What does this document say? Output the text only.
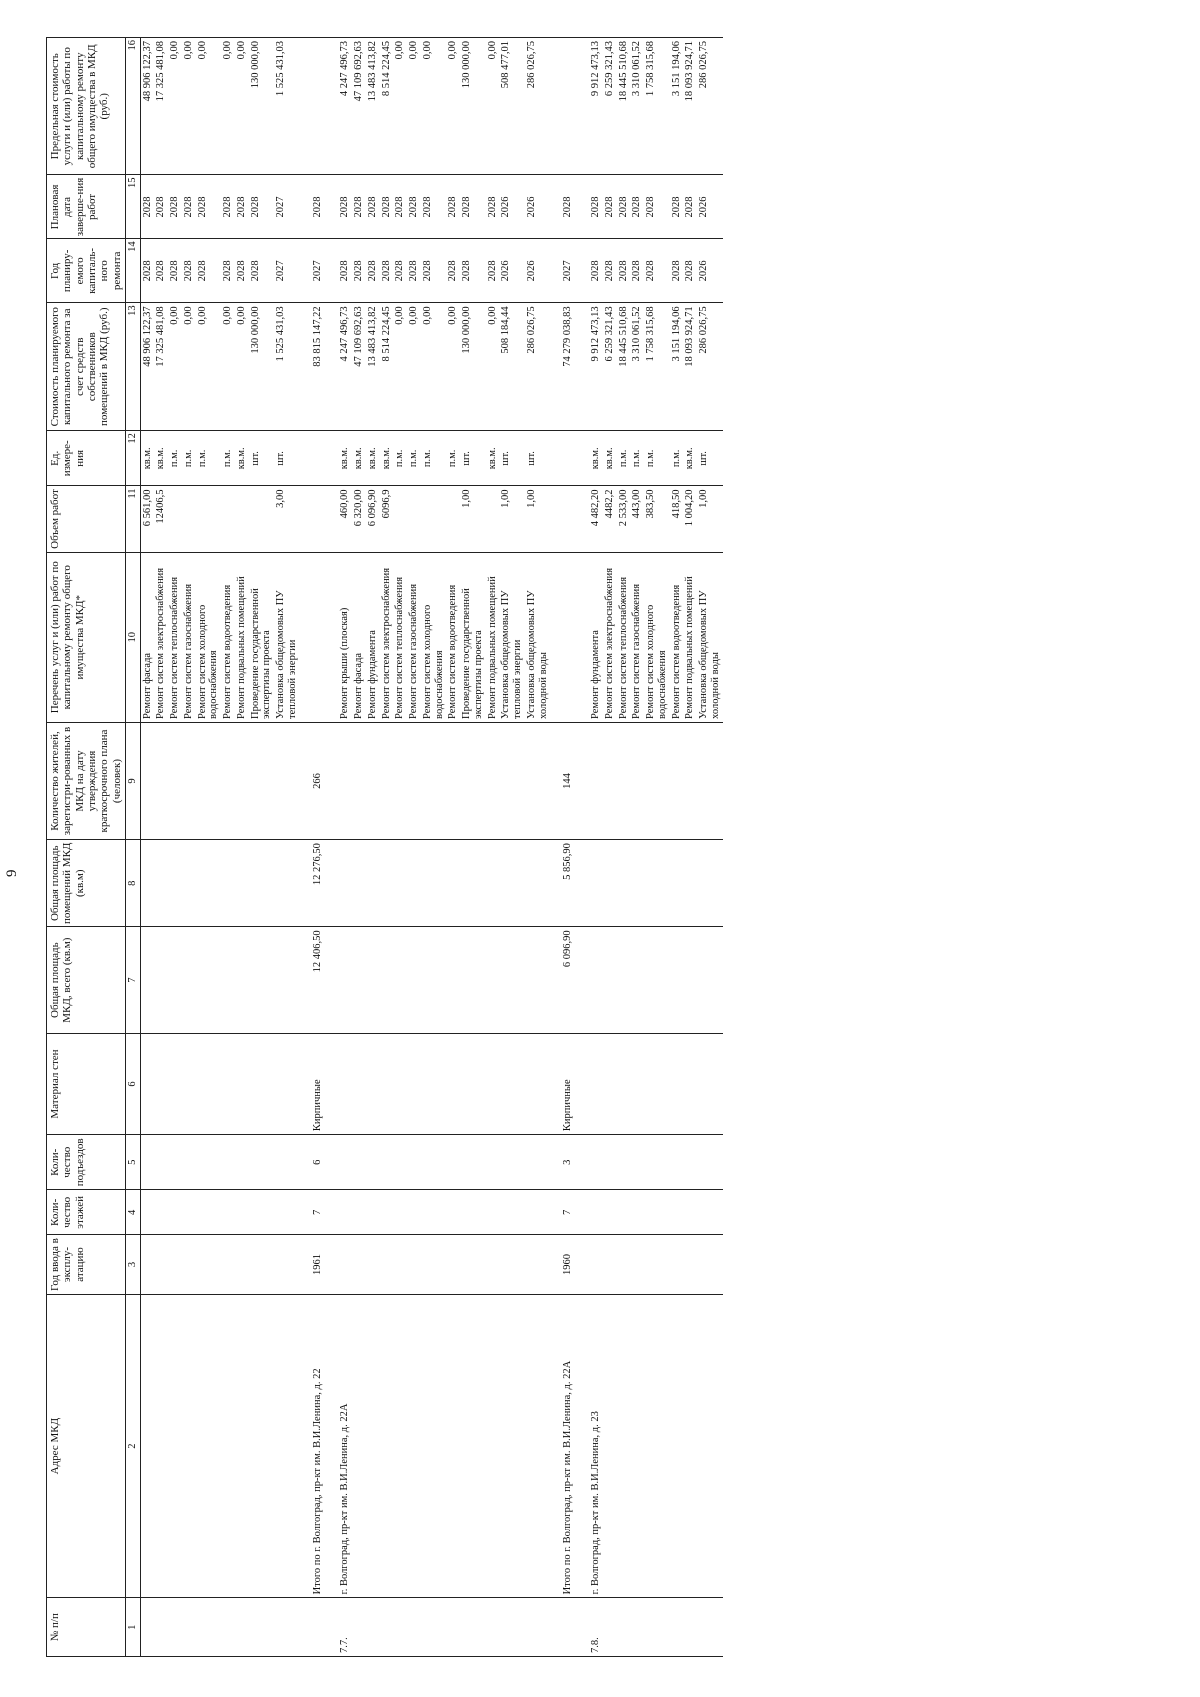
9
№ п/п	Адрес МКД	Год ввода в эксплу-атацию	Коли-чество этажей	Коли-чество подъездов	Материал стен	Общая площадь МКД, всего (кв.м)	Общая площадь помещений МКД (кв.м)	Количество жителей, зарегистри-рованных в МКД на дату утверждения краткосрочного плана (человек)	Перечень услуг и (или) работ по капитальному ремонту общего имущества МКД*	Объем работ	Ед. измере-ния	Стоимость планируемого капитального ремонта за счет средств собственников помещений в МКД (руб.)	Год планиру-емого капиталь-ного ремонта	Плановая дата заверше-ния работ	Предельная стоимость услуги и (или) работы по капитальному ремонту общего имущества в МКД (руб.)
1	2	3	4	5	6	7	8	9	10	11	12	13	14	15	16
									Ремонт фасада	6 561,00	кв.м.	48 906 122,37	2028	2028	48 906 122,37
									Ремонт систем электроснабжения	12406,5	кв.м.	17 325 481,08	2028	2028	17 325 481,08
									Ремонт систем теплоснабжения		п.м.	0,00	2028	2028	0,00
									Ремонт систем газоснабжения		п.м.	0,00	2028	2028	0,00
									Ремонт систем холодного водоснабжения		п.м.	0,00	2028	2028	0,00
									Ремонт систем водоотведения		п.м.	0,00	2028	2028	0,00
									Ремонт подвальных помещений		кв.м.	0,00	2028	2028	0,00
									Проведение государственной экспертизы проекта		шт.	130 000,00	2028	2028	130 000,00
									Установка общедомовых ПУ тепловой энергии	3,00	шт.	1 525 431,03	2027	2027	1 525 431,03
	Итого по г. Волгоград, пр-кт им. В.И.Ленина, д. 22	1961	7	6	Кирпичные	12 406,50	12 276,50	266				83 815 147,22	2027	2028	
7.7.	г. Волгоград, пр-кт им. В.И.Ленина, д. 22А								Ремонт крыши (плоская)	460,00	кв.м.	4 247 496,73	2028	2028	4 247 496,73
									Ремонт фасада	6 320,00	кв.м.	47 109 692,63	2028	2028	47 109 692,63
									Ремонт фундамента	6 096,90	кв.м.	13 483 413,82	2028	2028	13 483 413,82
									Ремонт систем электроснабжения	6096,9	кв.м.	8 514 224,45	2028	2028	8 514 224,45
									Ремонт систем теплоснабжения		п.м.	0,00	2028	2028	0,00
									Ремонт систем газоснабжения		п.м.	0,00	2028	2028	0,00
									Ремонт систем холодного водоснабжения		п.м.	0,00	2028	2028	0,00
									Ремонт систем водоотведения		п.м.	0,00	2028	2028	0,00
									Проведение государственной экспертизы проекта	1,00	шт.	130 000,00	2028	2028	130 000,00
									Ремонт подвальных помещений		кв.м.	0,00	2028	2028	0,00
									Установка общедомовых ПУ тепловой энергии	1,00	шт.	508 184,44	2026	2026	508 477,01
									Установка общедомовых ПУ холодной воды	1,00	шт.	286 026,75	2026	2026	286 026,75
	Итого по г. Волгоград, пр-кт им. В.И.Ленина, д. 22А	1960	7	3	Кирпичные	6 096,90	5 856,90	144				74 279 038,83	2027	2028	
7.8.	г. Волгоград, пр-кт им. В.И.Ленина, д. 23								Ремонт фундамента	4 482,20	кв.м.	9 912 473,13	2028	2028	9 912 473,13
									Ремонт систем электроснабжения	4482,2	кв.м.	6 259 321,43	2028	2028	6 259 321,43
									Ремонт систем теплоснабжения	2 533,00	п.м.	18 445 510,68	2028	2028	18 445 510,68
									Ремонт систем газоснабжения	443,00	п.м.	3 310 061,52	2028	2028	3 310 061,52
									Ремонт систем холодного водоснабжения	383,50	п.м.	1 758 315,68	2028	2028	1 758 315,68
									Ремонт систем водоотведения	418,50	п.м.	3 151 194,06	2028	2028	3 151 194,06
									Ремонт подвальных помещений	1 004,20	кв.м.	18 093 924,71	2028	2028	18 093 924,71
									Установка общедомовых ПУ холодной воды	1,00	шт.	286 026,75	2026	2026	286 026,75
